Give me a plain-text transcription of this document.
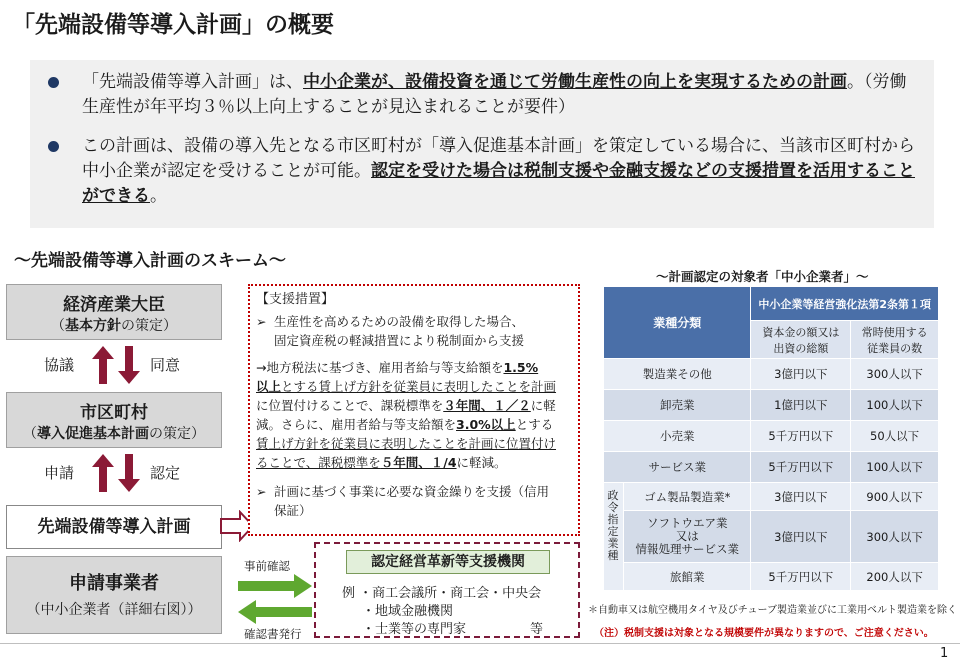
「先端設備等導入計画」の概要
「先端設備等導入計画」は、中小企業が、設備投資を通じて労働生産性の向上を実現するための計画。（労働生産性が年平均３％以上向上することが見込まれることが要件）
この計画は、設備の導入先となる市区町村が「導入促進基本計画」を策定している場合に、当該市区町村から中小企業が認定を受けることが可能。認定を受けた場合は税制支援や金融支援などの支援措置を活用することができる。
～先端設備等導入計画のスキーム～
経済産業大臣
（基本方針の策定）
協議	同意
市区町村
（導入促進基本計画の策定）
申請	認定
先端設備等導入計画
申請事業者
（中小企業者（詳細右図））
事前確認
確認書発行
【支援措置】
➢ 生産性を高めるための設備を取得した場合、
固定資産税の軽減措置により税制面から支援
→地方税法に基づき、雇用者給与等支給額を1.5%
以上とする賃上げ方針を従業員に表明したことを計画
に位置付けることで、課税標準を３年間、１／２に軽
減。さらに、雇用者給与等支給額を3.0%以上とする
賃上げ方針を従業員に表明したことを計画に位置付け
ることで、課税標準を５年間、１/4に軽減。
➢ 計画に基づく事業に必要な資金繰りを支援（信用
保証）
認定経営革新等支援機関
例 ・商工会議所・商工会・中央会
・地域金融機関
・士業等の専門家	等
～計画認定の対象者「中小企業者」～
業種分類		中小企業等経営強化法第2条第１項	
		資本金の額又は出資の総額	常時使用する従業員の数
製造業その他		3億円以下	300人以下
卸売業		1億円以下	100人以下
小売業		5千万円以下	50人以下
サービス業		5千万円以下	100人以下
	ゴム製品製造業*	3億円以下	900人以下

	ソフトウエア業
又は
情報処理サービス業	3億円以下	300人以下
	旅館業	5千万円以下	200人以下
政令指定業種
＊自動車又は航空機用タイヤ及びチューブ製造業並びに工業用ベルト製造業を除く
（注）税制支援は対象となる規模要件が異なりますので、ご注意ください。
1
